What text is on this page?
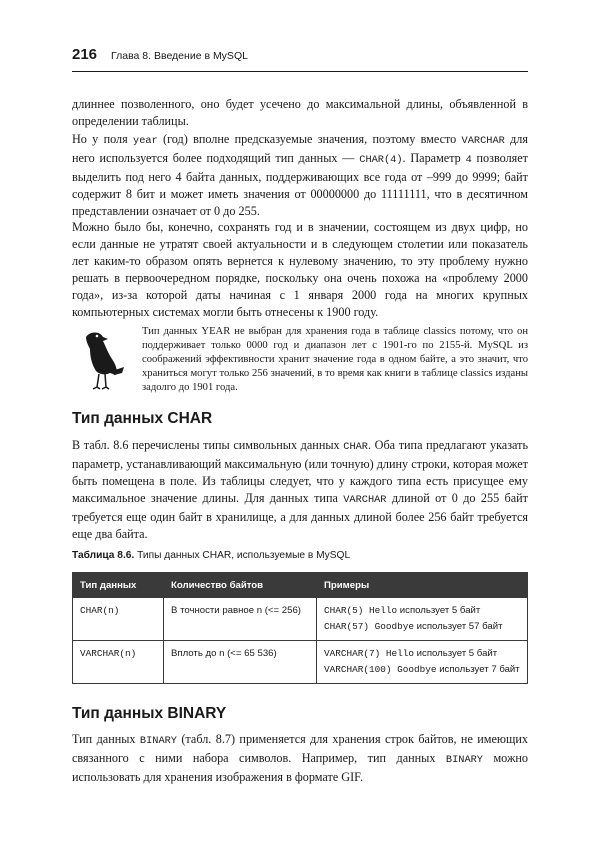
216 Глава 8. Введение в MySQL
длиннее позволенного, оно будет усечено до максимальной длины, объявленной в определении таблицы.
Но у поля year (год) вполне предсказуемые значения, поэтому вместо VARCHAR для него используется более подходящий тип данных — CHAR(4). Параметр 4 позволяет выделить под него 4 байта данных, поддерживающих все года от –999 до 9999; байт содержит 8 бит и может иметь значения от 00000000 до 11111111, что в десятичном представлении означает от 0 до 255.
Можно было бы, конечно, сохранять год и в значении, состоящем из двух цифр, но если данные не утратят своей актуальности и в следующем столетии или показатель лет каким-то образом опять вернется к нулевому значению, то эту проблему нужно решать в первоочередном порядке, поскольку она очень похожа на «проблему 2000 года», из-за которой даты начиная с 1 января 2000 года на многих крупных компьютерных системах могли быть отнесены к 1900 году.
Тип данных YEAR не выбран для хранения года в таблице classics потому, что он поддерживает только 0000 год и диапазон лет с 1901-го по 2155-й. MySQL из соображений эффективности хранит значение года в одном байте, а это значит, что храниться могут только 256 значений, в то время как книги в таблице classics изданы задолго до 1901 года.
Тип данных CHAR
В табл. 8.6 перечислены типы символьных данных CHAR. Оба типа предлагают указать параметр, устанавливающий максимальную (или точную) длину строки, которая может быть помещена в поле. Из таблицы следует, что у каждого типа есть присущее ему максимальное значение длины. Для данных типа VARCHAR длиной от 0 до 255 байт требуется еще один байт в хранилище, а для данных длиной более 256 байт требуется еще два байта.
Таблица 8.6. Типы данных CHAR, используемые в MySQL
Тип данных	Количество байтов	Примеры
CHAR(n)	В точности равное n (<= 256)	CHAR(5) Hello использует 5 байт
CHAR(57) Goodbye использует 57 байт

VARCHAR(n)	Вплоть до n (<= 65 536)	VARCHAR(7) Hello использует 5 байт
VARCHAR(100) Goodbye использует 7 байт
Тип данных BINARY
Тип данных BINARY (табл. 8.7) применяется для хранения строк байтов, не имеющих связанного с ними набора символов. Например, тип данных BINARY можно использовать для хранения изображения в формате GIF.
